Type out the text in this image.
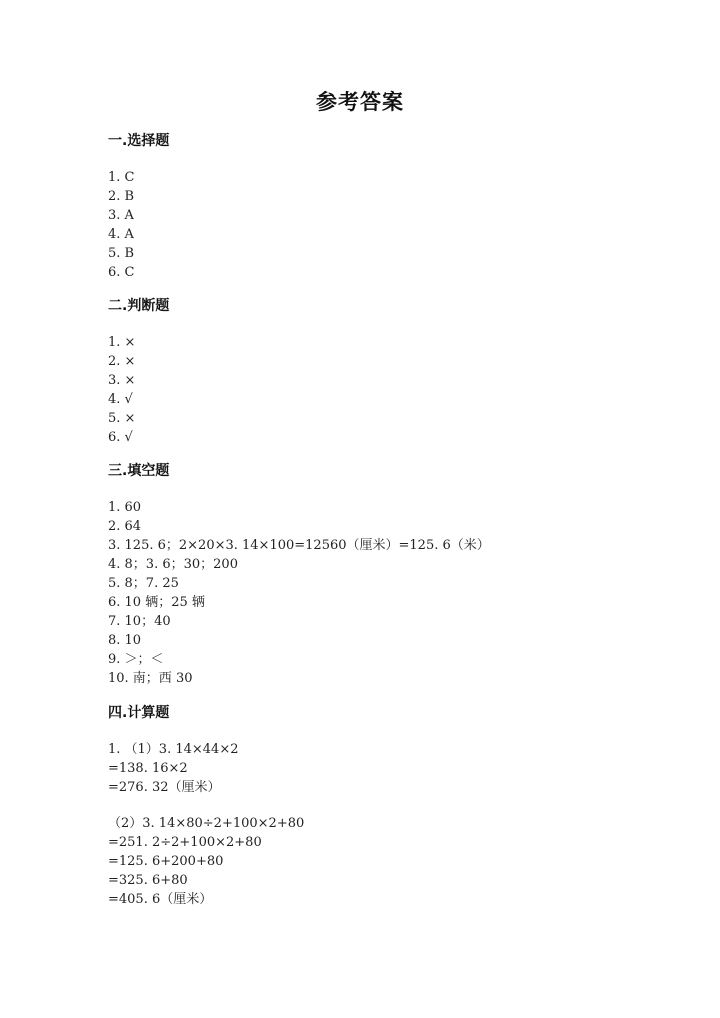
参考答案
一.选择题
1. C
2. B
3. A
4. A
5. B
6. C
二.判断题
1. ×
2. ×
3. ×
4. √
5. ×
6. √
三.填空题
1. 60
2. 64
3. 125. 6；2×20×3. 14×100=12560（厘米）=125. 6（米）
4. 8；3. 6；30；200
5. 8；7. 25
6. 10 辆；25 辆
7. 10；40
8. 10
9. ＞；＜
10. 南；西 30
四.计算题
1. （1）3. 14×44×2
=138. 16×2
=276. 32（厘米）
（2）3. 14×80÷2+100×2+80
=251. 2÷2+100×2+80
=125. 6+200+80
=325. 6+80
=405. 6（厘米）
